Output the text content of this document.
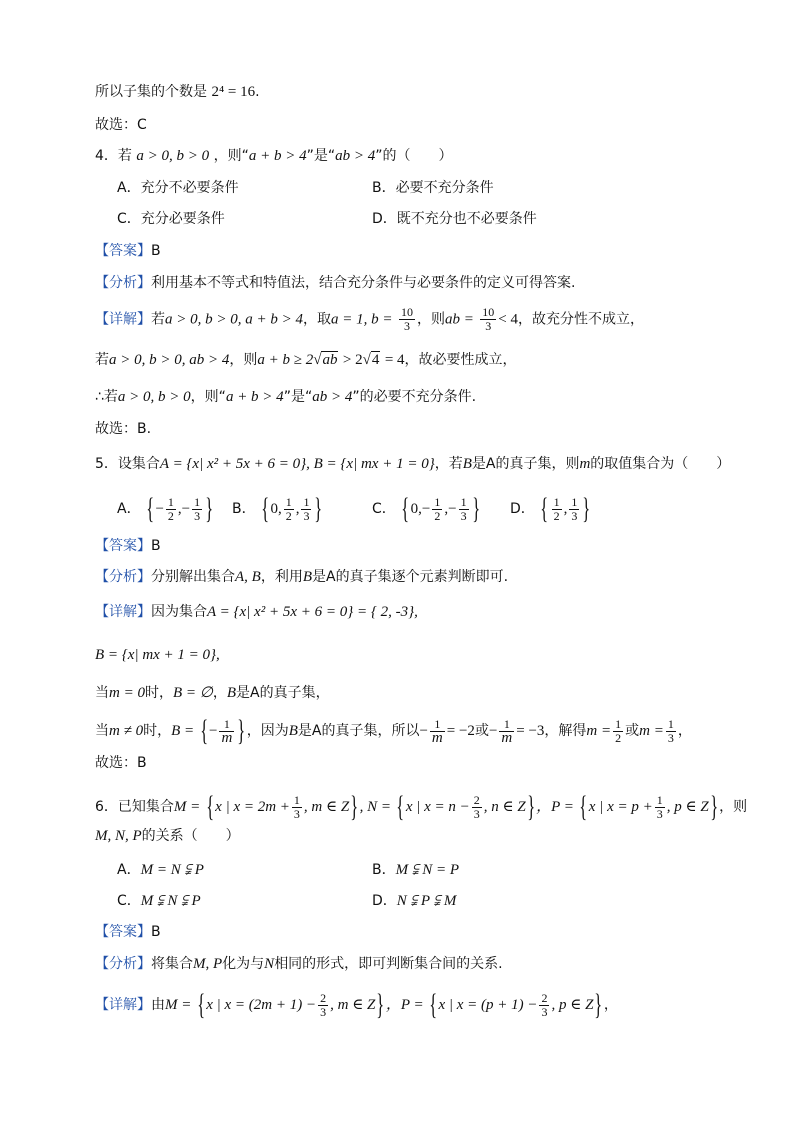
所以子集的个数是 2⁴ = 16.
故选：C
4．若 a > 0, b > 0 ，则“a + b > 4”是“ab > 4”的（　　）
A．充分不必要条件	B．必要不充分条件
C．充分必要条件	D．既不充分也不必要条件
【答案】B
【分析】利用基本不等式和特值法，结合充分条件与必要条件的定义可得答案.
【详解】若a > 0, b > 0, a + b > 4，取a = 1, $b = \frac{10}{3}$ ，则ab = $\frac{10}{3} < 4$，故充分性不成立，
若a > 0, b > 0, ab > 4，则a + b ≥ 2√ab > 2√4 = 4，故必要性成立，
∴若a > 0, b > 0，则“a + b > 4”是“ab > 4”的必要不充分条件.
故选：B.
5．设集合A = {x| x² + 5x + 6 = 0}, B = {x| mx + 1 = 0}，若B是A的真子集，则m的取值集合为（　　）
A． {− $\frac{1}{2}$ ,− $\frac{1}{3}$ } B． {0, $\frac{1}{2}$ , $\frac{1}{3}$ }	C． {$0,- \frac{1}{2}$ ,− $\frac{1}{3}$ } D． { $\frac{1}{2}$ , $\frac{1}{3}$ }
【答案】B
【分析】分别解出集合A, B，利用B是A的真子集逐个元素判断即可.
【详解】因为集合A = {x| x² + 5x + 6 = 0} = { 2, -3},
B = {x| mx + 1 = 0},
当m = 0时，B = ∅，B是A的真子集，
当m ≠ 0时，B = {− $\frac{1}{m}$ }，因为B是A的真子集，所以− $\frac{1}{m} = -2$或− $\frac{1}{m} = -3$，解得$m = \frac{1}{2}$ 或$m = \frac{1}{3}$ ，
故选：B
6．已知集合M = {x | $x = 2m + \frac{1}{3}$ , m ∈ Z}, N = {x | $x = n - \frac{2}{3}$ , n ∈ Z}，P = {x | $x = p + \frac{1}{3}$ , p ∈ Z}，则
M, N, P的关系（　　）
A．M = N ⫋ P	B．M ⫋ N = P
C．M ⫋ N ⫋ P	D．N ⫋ P ⫋ M
【答案】B
【分析】将集合M, P化为与N相同的形式，即可判断集合间的关系.
【详解】由M = {x | $x = (2m + 1) - \frac{2}{3}$ , m ∈ Z}，P = {x | $x = (p + 1) - \frac{2}{3}$ , p ∈ Z}，
